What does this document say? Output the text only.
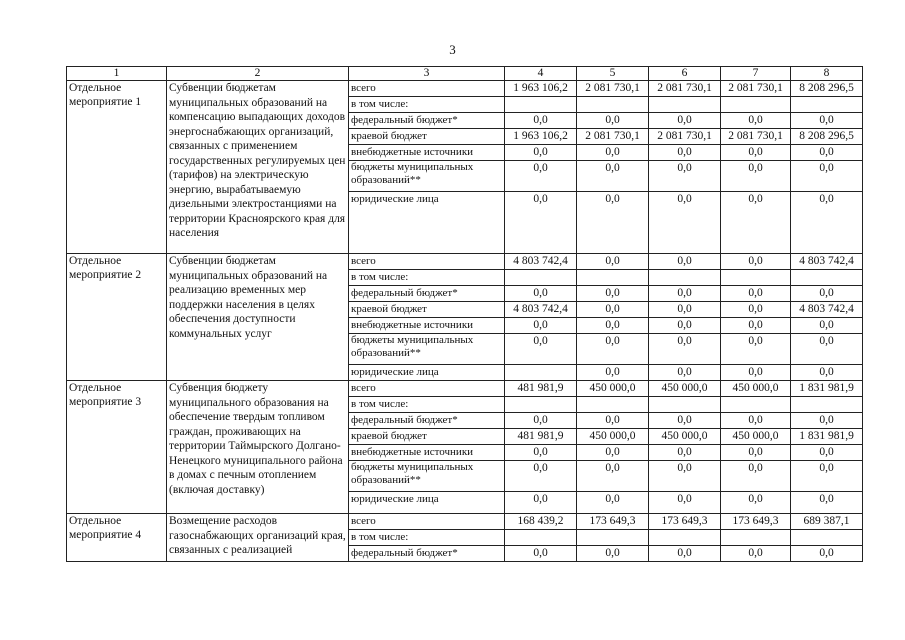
3
1	2	3	4	5	6	7	8
Отдельное мероприятие 1	Субвенции бюджетам муниципальных образований на компенсацию выпадающих доходов энергоснабжающих организаций, связанных с применением государственных регулируемых цен (тарифов) на электрическую энергию, вырабатываемую дизельными электростанциями на территории Красноярского края для населения	всего	1 963 106,2	2 081 730,1	2 081 730,1	2 081 730,1	8 208 296,5
		в том числе:					
		федеральный бюджет*	0,0	0,0	0,0	0,0	0,0
		краевой бюджет	1 963 106,2	2 081 730,1	2 081 730,1	2 081 730,1	8 208 296,5
		внебюджетные источники	0,0	0,0	0,0	0,0	0,0
		бюджеты муниципальных образований**	0,0	0,0	0,0	0,0	0,0
		юридические лица	0,0	0,0	0,0	0,0	0,0
Отдельное мероприятие 2	Субвенции бюджетам муниципальных образований на реализацию временных мер поддержки населения в целях обеспечения доступности коммунальных услуг	всего	4 803 742,4	0,0	0,0	0,0	4 803 742,4
		в том числе:					
		федеральный бюджет*	0,0	0,0	0,0	0,0	0,0
		краевой бюджет	4 803 742,4	0,0	0,0	0,0	4 803 742,4
		внебюджетные источники	0,0	0,0	0,0	0,0	0,0
		бюджеты муниципальных образований**	0,0	0,0	0,0	0,0	0,0
		юридические лица		0,0	0,0	0,0	0,0
Отдельное мероприятие 3	Субвенция бюджету муниципального образования на обеспечение твердым топливом граждан, проживающих на территории Таймырского Долгано-Ненецкого муниципального района в домах с печным отоплением (включая доставку)	всего	481 981,9	450 000,0	450 000,0	450 000,0	1 831 981,9
		в том числе:					
		федеральный бюджет*	0,0	0,0	0,0	0,0	0,0
		краевой бюджет	481 981,9	450 000,0	450 000,0	450 000,0	1 831 981,9
		внебюджетные источники	0,0	0,0	0,0	0,0	0,0
		бюджеты муниципальных образований**	0,0	0,0	0,0	0,0	0,0
		юридические лица	0,0	0,0	0,0	0,0	0,0
Отдельное мероприятие 4	Возмещение расходов газоснабжающих организаций края, связанных с реализацией	всего	168 439,2	173 649,3	173 649,3	173 649,3	689 387,1
		в том числе:					
		федеральный бюджет*	0,0	0,0	0,0	0,0	0,0
